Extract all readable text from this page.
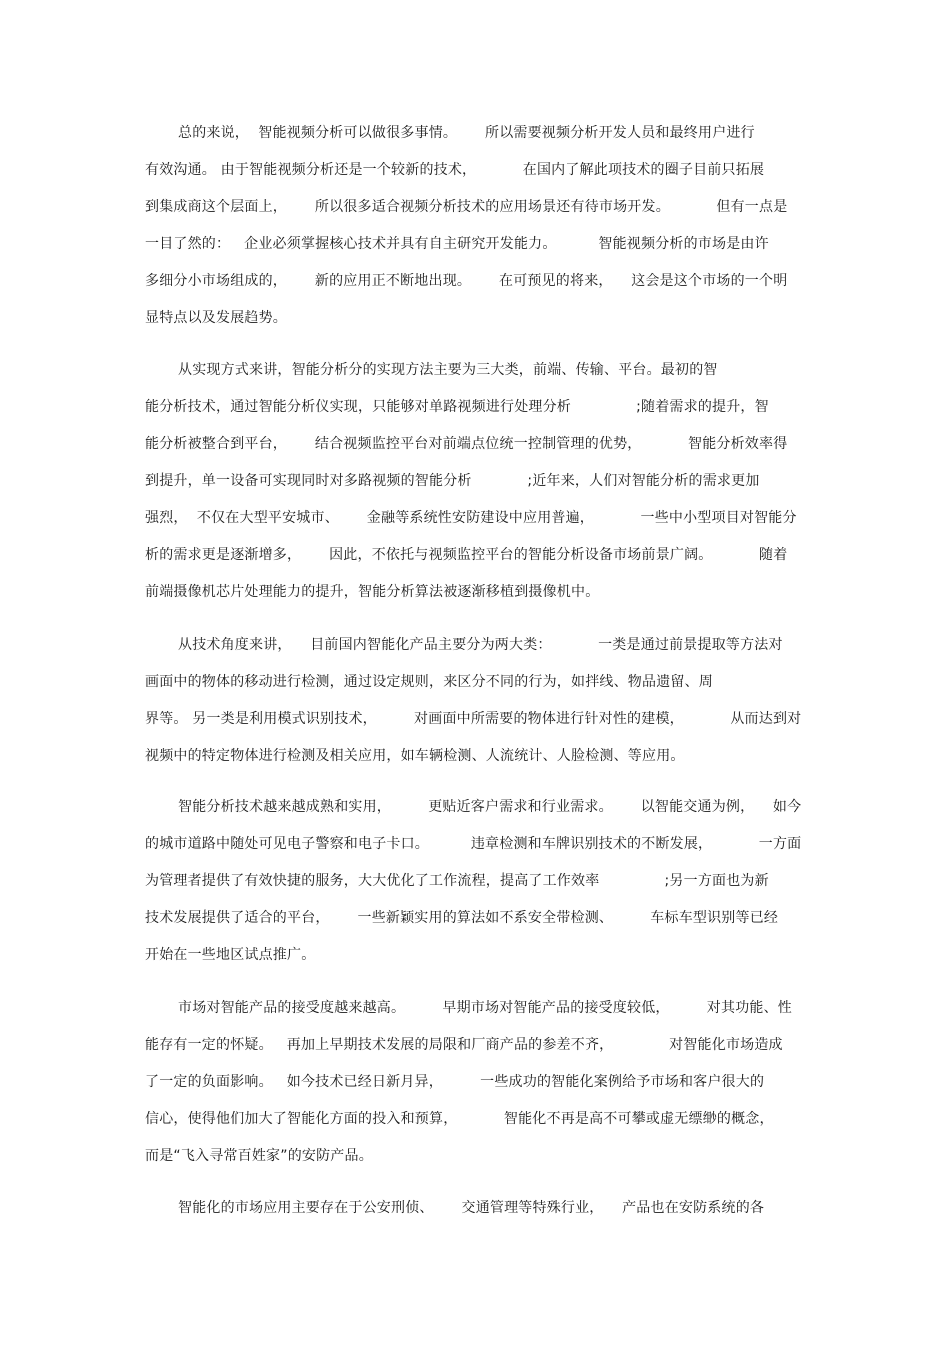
总的来说，  智能视频分析可以做很多事情。      所以需要视频分析开发人员和最终用户进行
有效沟通。 由于智能视频分析还是一个较新的技术，          在国内了解此项技术的圈子目前只拓展
到集成商这个层面上，      所以很多适合视频分析技术的应用场景还有待市场开发。          但有一点是
一目了然的：   企业必须掌握核心技术并具有自主研究开发能力。         智能视频分析的市场是由许
多细分小市场组成的，      新的应用正不断地出现。      在可预见的将来，    这会是这个市场的一个明
显特点以及发展趋势。
从实现方式来讲，智能分析分的实现方法主要为三大类，前端、传输、平台。最初的智
能分析技术，通过智能分析仪实现，只能够对单路视频进行处理分析              ;随着需求的提升，智
能分析被整合到平台，      结合视频监控平台对前端点位统一控制管理的优势，          智能分析效率得
到提升，单一设备可实现同时对多路视频的智能分析            ;近年来，人们对智能分析的需求更加
强烈，  不仅在大型平安城市、      金融等系统性安防建设中应用普遍，          一些中小型项目对智能分
析的需求更是逐渐增多，      因此，不依托与视频监控平台的智能分析设备市场前景广阔。          随着
前端摄像机芯片处理能力的提升，智能分析算法被逐渐移植到摄像机中。
从技术角度来讲，    目前国内智能化产品主要分为两大类：          一类是通过前景提取等方法对
画面中的物体的移动进行检测，通过设定规则，来区分不同的行为，如拌线、物品遗留、周
界等。 另一类是利用模式识别技术，        对画面中所需要的物体进行针对性的建模，          从而达到对
视频中的特定物体进行检测及相关应用，如车辆检测、人流统计、人脸检测、等应用。
智能分析技术越来越成熟和实用，        更贴近客户需求和行业需求。      以智能交通为例，    如今
的城市道路中随处可见电子警察和电子卡口。         违章检测和车牌识别技术的不断发展，          一方面
为管理者提供了有效快捷的服务，大大优化了工作流程，提高了工作效率              ;另一方面也为新
技术发展提供了适合的平台，      一些新颖实用的算法如不系安全带检测、        车标车型识别等已经
开始在一些地区试点推广。
市场对智能产品的接受度越来越高。        早期市场对智能产品的接受度较低，        对其功能、性
能存有一定的怀疑。   再加上早期技术发展的局限和厂商产品的参差不齐，            对智能化市场造成
了一定的负面影响。   如今技术已经日新月异，        一些成功的智能化案例给予市场和客户很大的
信心，使得他们加大了智能化方面的投入和预算，          智能化不再是高不可攀或虚无缥缈的概念，
而是“飞入寻常百姓家”的安防产品。
智能化的市场应用主要存在于公安刑侦、      交通管理等特殊行业，    产品也在安防系统的各
